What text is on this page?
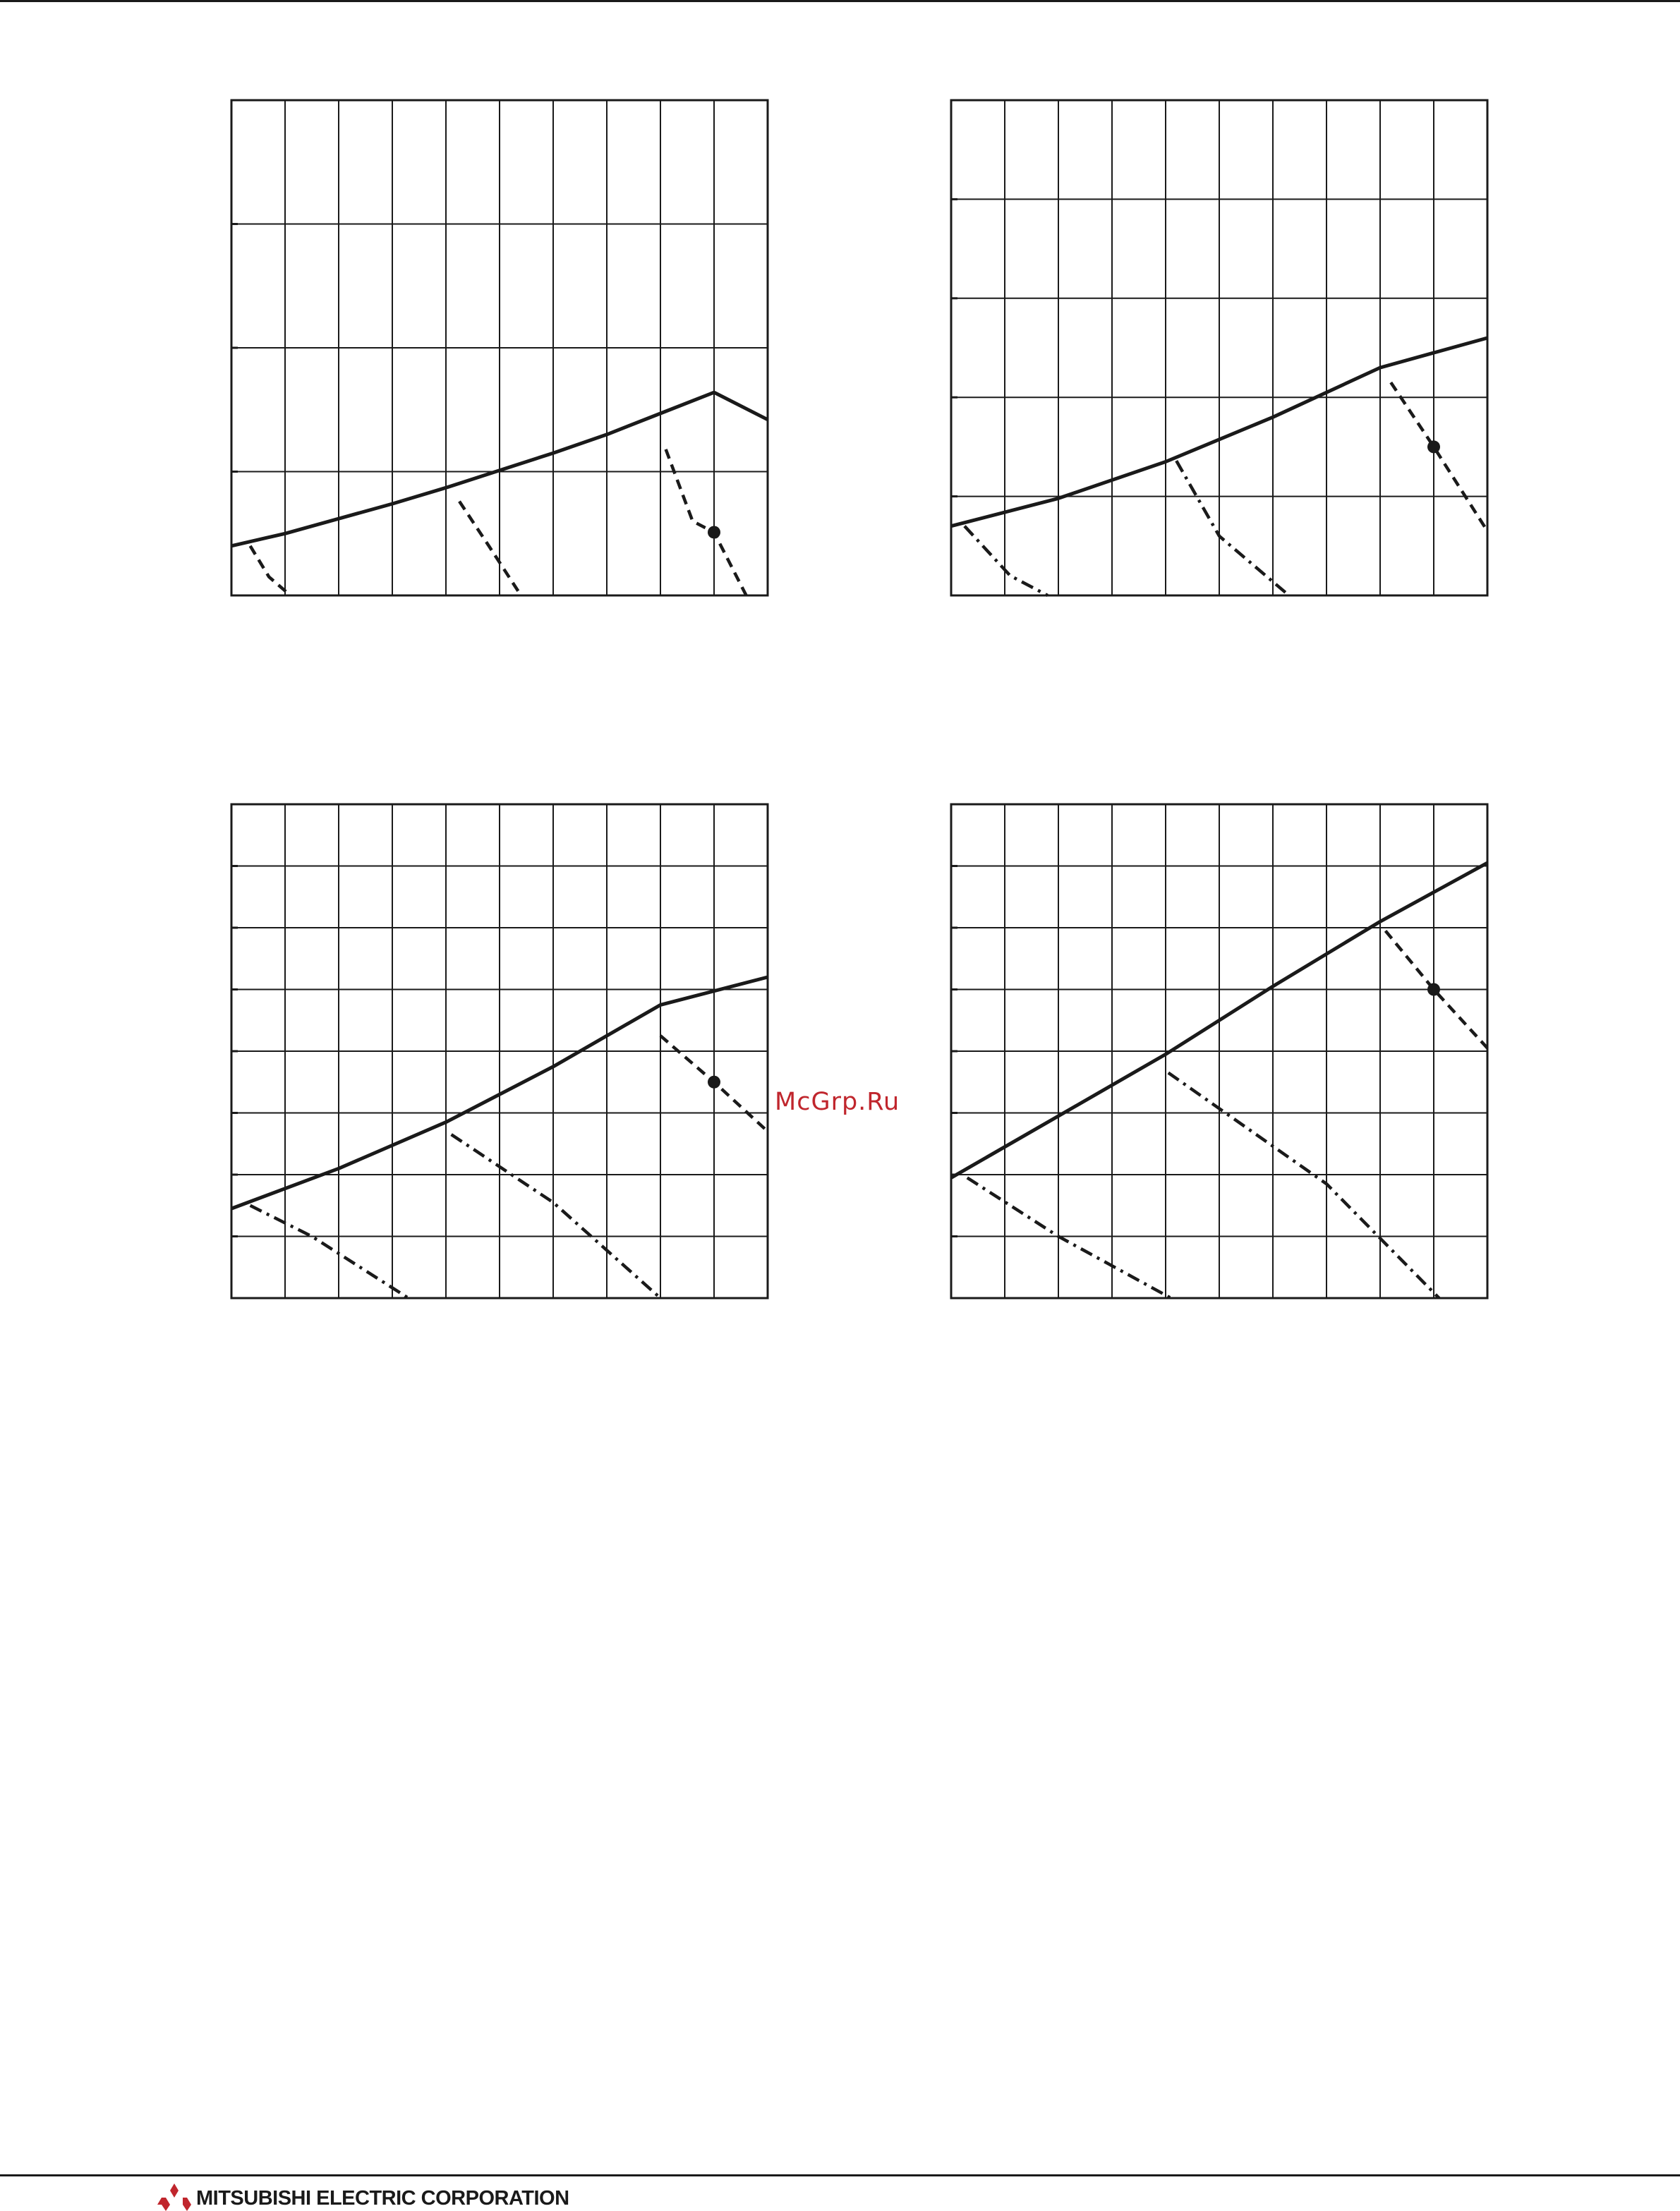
McGrp.Ru
MITSUBISHI ELECTRIC CORPORATION
